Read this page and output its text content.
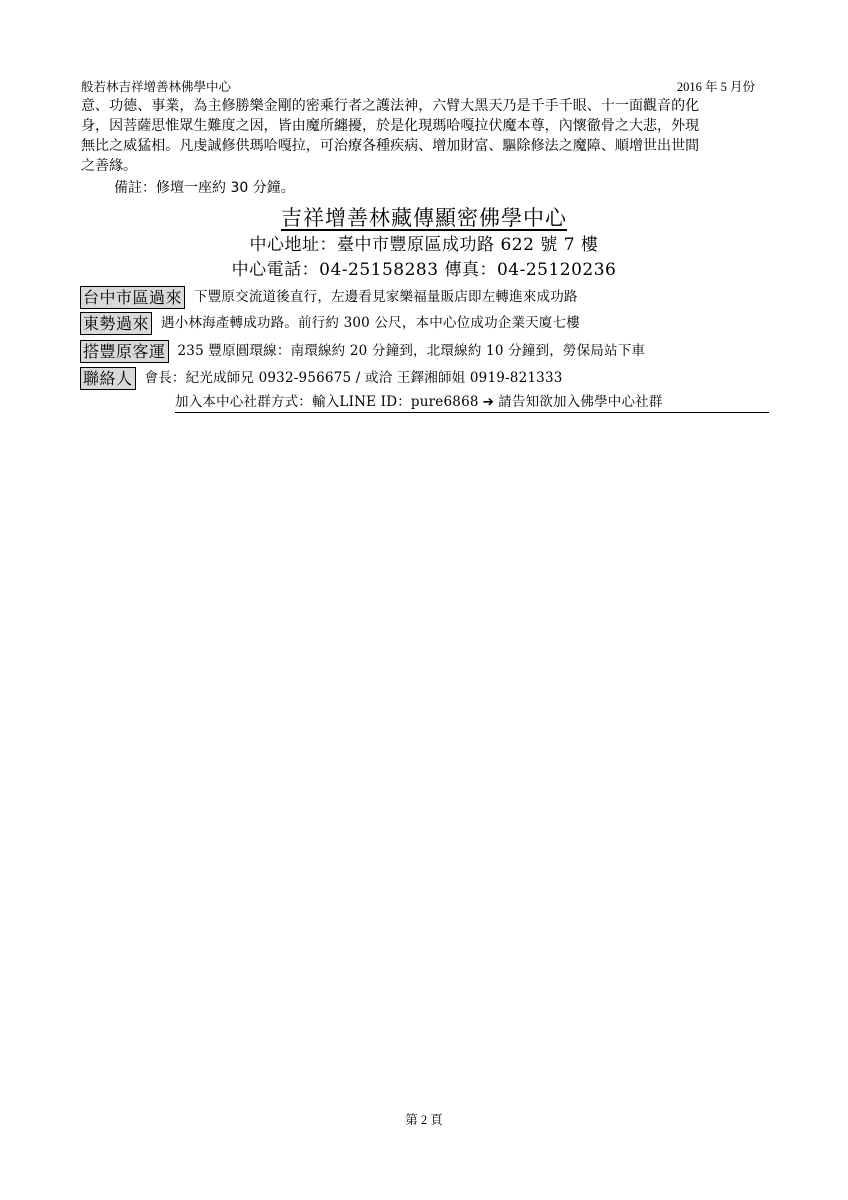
般若林吉祥增善林佛學中心	2016 年 5 月份
意、功德、事業，為主修勝樂金剛的密乘行者之護法神，六臂大黑天乃是千手千眼、十一面觀音的化
身，因菩薩思惟眾生難度之因，皆由魔所纏擾，於是化現瑪哈嘎拉伏魔本尊，內懷徹骨之大悲，外現
無比之威猛相。凡虔誠修供瑪哈嘎拉，可治療各種疾病、增加財富、驅除修法之魔障、順增世出世間
之善緣。
備註：修壇一座約 30 分鐘。
吉祥增善林藏傳顯密佛學中心
中心地址：臺中市豐原區成功路 622 號 7 樓
中心電話：04-25158283 傳真：04-25120236
台中市區過來 下豐原交流道後直行，左邊看見家樂福量販店即左轉進來成功路
東勢過來 遇小林海產轉成功路。前行約 300 公尺，本中心位成功企業天廈七樓
搭豐原客運 235 豐原圓環線：南環線約 20 分鐘到，北環線約 10 分鐘到，勞保局站下車
聯絡人 會長：紀光成師兄 0932-956675 / 或洽 王鐸湘師姐 0919-821333
加入本中心社群方式：輸入LINE ID：pure6868 ➔ 請告知欲加入佛學中心社群
第 2 頁
